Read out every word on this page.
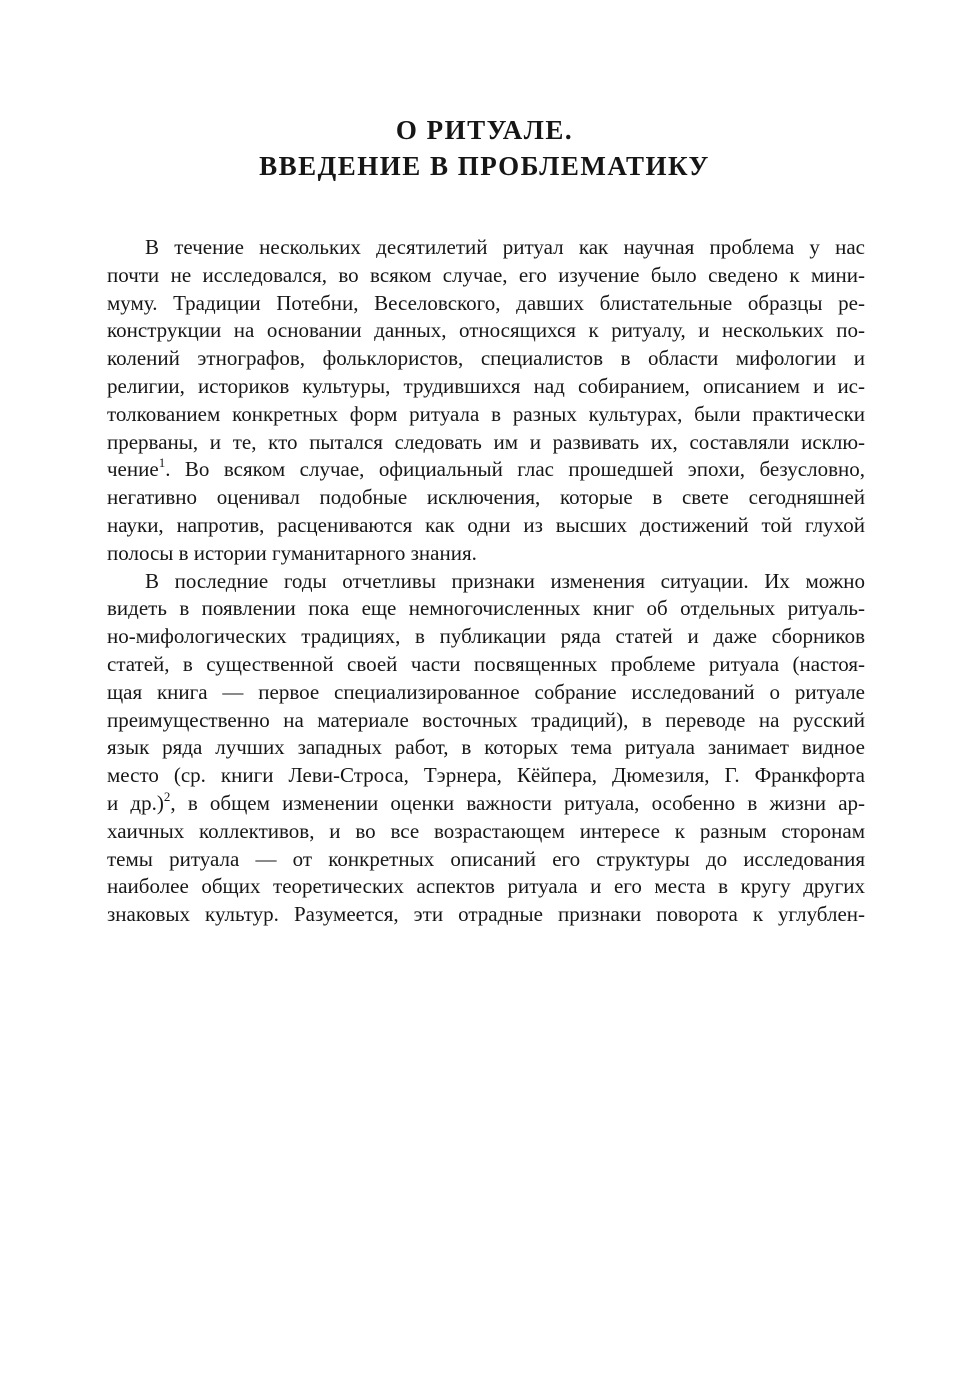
О РИТУАЛЕ.
ВВЕДЕНИЕ В ПРОБЛЕМАТИКУ
В течение нескольких десятилетий ритуал как научная проблема у нас
почти не исследовался, во всяком случае, его изучение было сведено к мини-
муму. Традиции Потебни, Веселовского, давших блистательные образцы ре-
конструкции на основании данных, относящихся к ритуалу, и нескольких по-
колений этнографов, фольклористов, специалистов в области мифологии и
религии, историков культуры, трудившихся над собиранием, описанием и ис-
толкованием конкретных форм ритуала в разных культурах, были практически
прерваны, и те, кто пытался следовать им и развивать их, составляли исклю-
чение$^1$. Во всяком случае, официальный глас прошедшей эпохи, безусловно,
негативно оценивал подобные исключения, которые в свете сегодняшней
науки, напротив, расцениваются как одни из высших достижений той глухой
полосы в истории гуманитарного знания.
В последние годы отчетливы признаки изменения ситуации. Их можно
видеть в появлении пока еще немногочисленных книг об отдельных ритуаль-
но-мифологических традициях, в публикации ряда статей и даже сборников
статей, в существенной своей части посвященных проблеме ритуала (настоя-
щая книга — первое специализированное собрание исследований о ритуале
преимущественно на материале восточных традиций), в переводе на русский
язык ряда лучших западных работ, в которых тема ритуала занимает видное
место (ср. книги Леви-Строса, Тэрнера, Кёйпера, Дюмезиля, Г. Франкфорта
и др.)$^2$, в общем изменении оценки важности ритуала, особенно в жизни ар-
хаичных коллективов, и во все возрастающем интересе к разным сторонам
темы ритуала — от конкретных описаний его структуры до исследования
наиболее общих теоретических аспектов ритуала и его места в кругу других
знаковых культур. Разумеется, эти отрадные признаки поворота к углублен-
